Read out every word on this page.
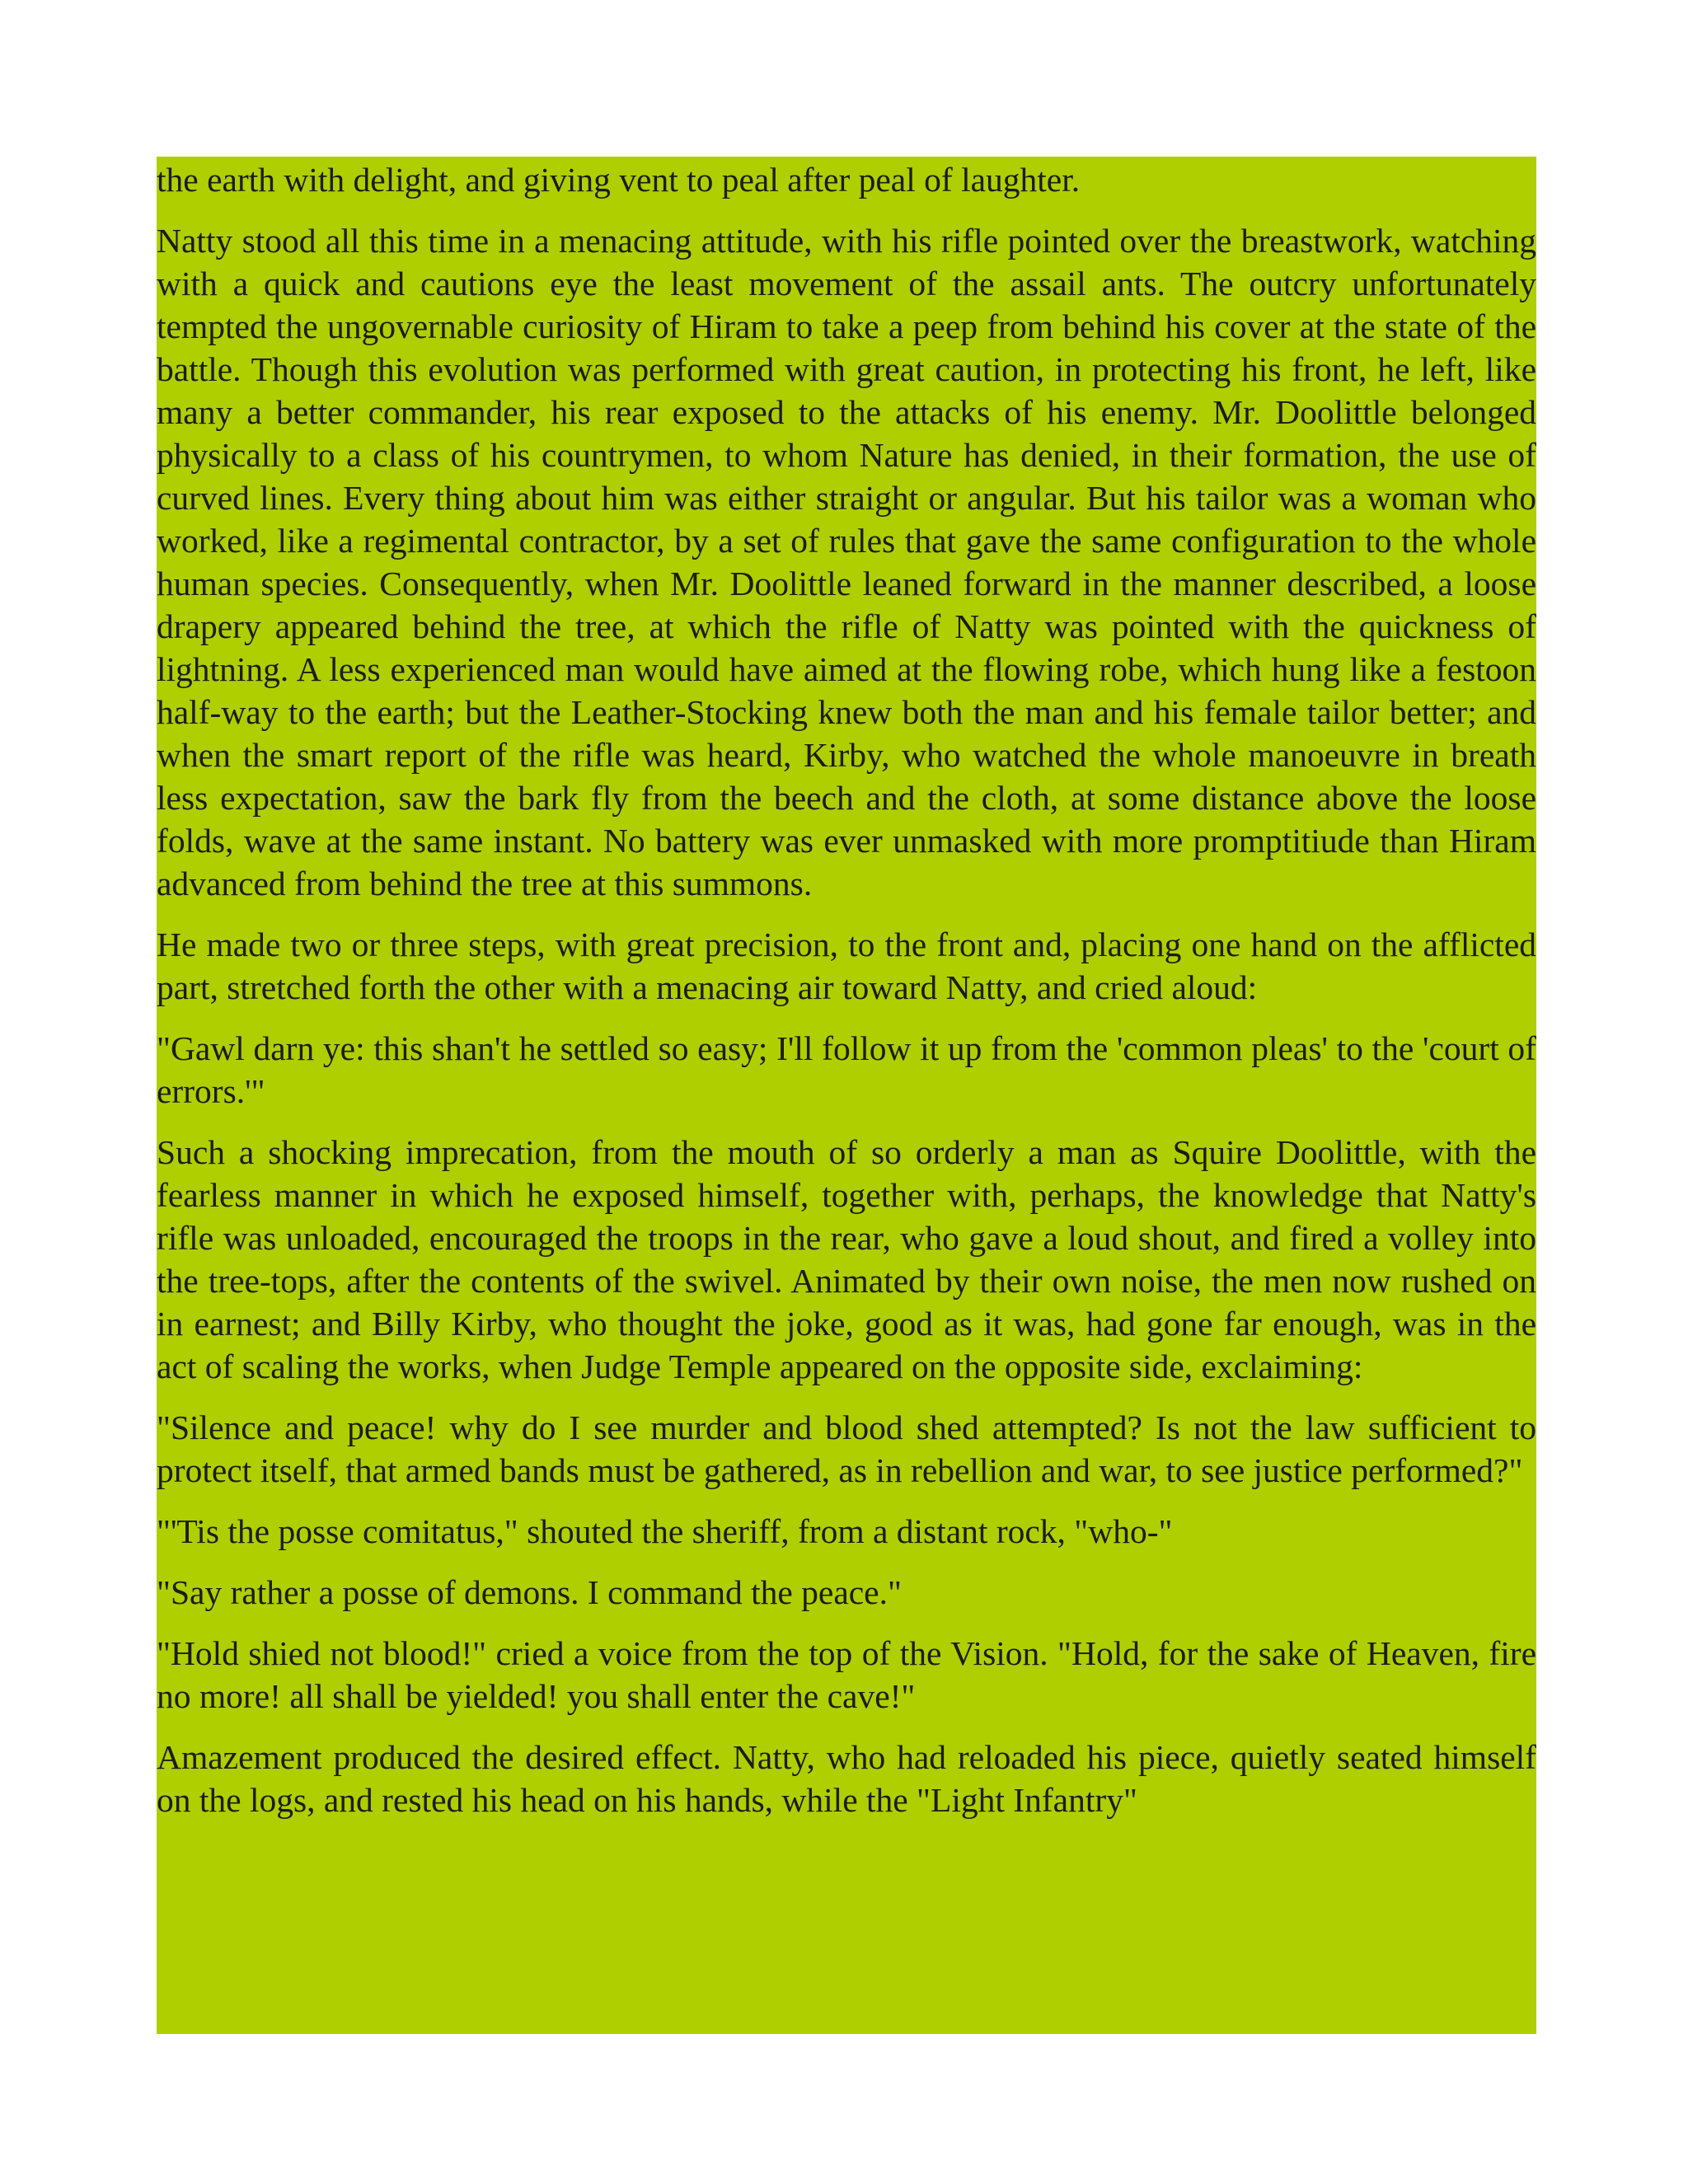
the earth with delight, and giving vent to peal after peal of laughter.

Natty stood all this time in a menacing attitude, with his rifle pointed over the breastwork, watching with a quick and cautions eye the least movement of the assail ants. The outcry unfortunately tempted the ungovernable curiosity of Hiram to take a peep from behind his cover at the state of the battle. Though this evolution was performed with great caution, in protecting his front, he left, like many a better commander, his rear exposed to the attacks of his enemy. Mr. Doolittle belonged physically to a class of his countrymen, to whom Nature has denied, in their formation, the use of curved lines. Every thing about him was either straight or angular. But his tailor was a woman who worked, like a regimental contractor, by a set of rules that gave the same configuration to the whole human species. Consequently, when Mr. Doolittle leaned forward in the manner described, a loose drapery appeared behind the tree, at which the rifle of Natty was pointed with the quickness of lightning. A less experienced man would have aimed at the flowing robe, which hung like a festoon half-way to the earth; but the Leather-Stocking knew both the man and his female tailor better; and when the smart report of the rifle was heard, Kirby, who watched the whole manoeuvre in breath less expectation, saw the bark fly from the beech and the cloth, at some distance above the loose folds, wave at the same instant. No battery was ever unmasked with more promptitiude than Hiram advanced from behind the tree at this summons.

He made two or three steps, with great precision, to the front and, placing one hand on the afflicted part, stretched forth the other with a menacing air toward Natty, and cried aloud:

"Gawl darn ye: this shan't he settled so easy; I'll follow it up from the 'common pleas' to the 'court of errors.'"

Such a shocking imprecation, from the mouth of so orderly a man as Squire Doolittle, with the fearless manner in which he exposed himself, together with, perhaps, the knowledge that Natty's rifle was unloaded, encouraged the troops in the rear, who gave a loud shout, and fired a volley into the tree-tops, after the contents of the swivel. Animated by their own noise, the men now rushed on in earnest; and Billy Kirby, who thought the joke, good as it was, had gone far enough, was in the act of scaling the works, when Judge Temple appeared on the opposite side, exclaiming:

"Silence and peace! why do I see murder and blood shed attempted? Is not the law sufficient to protect itself, that armed bands must be gathered, as in rebellion and war, to see justice performed?"

"'Tis the posse comitatus," shouted the sheriff, from a distant rock, "who-"

"Say rather a posse of demons. I command the peace."

"Hold shied not blood!" cried a voice from the top of the Vision. "Hold, for the sake of Heaven, fire no more! all shall be yielded! you shall enter the cave!"

Amazement produced the desired effect. Natty, who had reloaded his piece, quietly seated himself on the logs, and rested his head on his hands, while the "Light Infantry"
